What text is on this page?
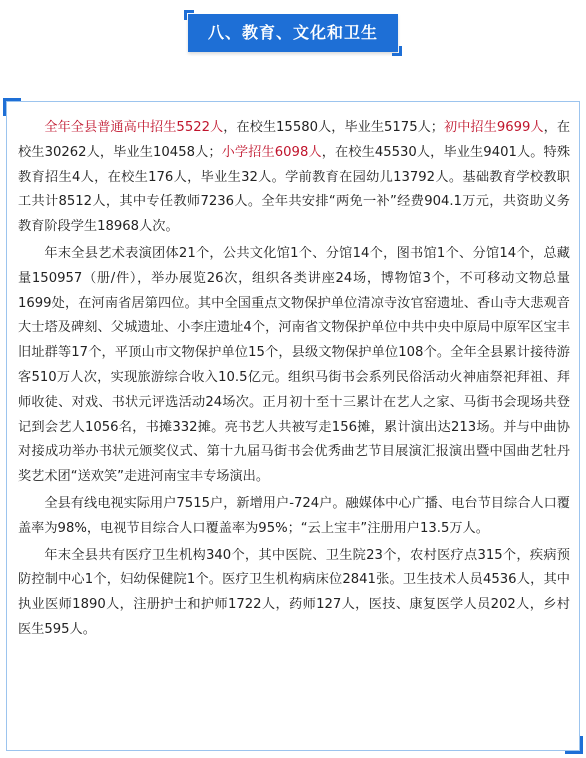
八、教育、文化和卫生

全年全县普通高中招生5522人，在校生15580人，毕业生5175人；初中招生9699人，在校生30262人，毕业生10458人；小学招生6098人，在校生45530人，毕业生9401人。特殊教育招生4人，在校生176人，毕业生32人。学前教育在园幼儿13792人。基础教育学校教职工共计8512人，其中专任教师7236人。全年共安排“两免一补”经费904.1万元，共资助义务教育阶段学生18968人次。

年末全县艺术表演团体21个，公共文化馆1个、分馆14个，图书馆1个、分馆14个，总藏量150957（册/件），举办展览26次，组织各类讲座24场，博物馆3个，不可移动文物总量1699处，在河南省居第四位。其中全国重点文物保护单位清凉寺汝官窑遗址、香山寺大悲观音大士塔及碑刻、父城遗址、小李庄遗址4个，河南省文物保护单位中共中央中原局中原军区宝丰旧址群等17个，平顶山市文物保护单位15个，县级文物保护单位108个。全年全县累计接待游客510万人次，实现旅游综合收入10.5亿元。组织马街书会系列民俗活动火神庙祭祀拜祖、拜师收徒、对戏、书状元评选活动24场次。正月初十至十三累计在艺人之家、马街书会现场共登记到会艺人1056名，书摊332摊。亮书艺人共被写走156摊，累计演出达213场。并与中曲协对接成功举办书状元颁奖仪式、第十九届马街书会优秀曲艺节目展演汇报演出暨中国曲艺牡丹奖艺术团“送欢笑”走进河南宝丰专场演出。

全县有线电视实际用户7515户，新增用户-724户。融媒体中心广播、电台节目综合人口覆盖率为98%，电视节目综合人口覆盖率为95%；“云上宝丰”注册用户13.5万人。

年末全县共有医疗卫生机构340个，其中医院、卫生院23个，农村医疗点315个，疾病预防控制中心1个，妇幼保健院1个。医疗卫生机构病床位2841张。卫生技术人员4536人，其中执业医师1890人，注册护士和护师1722人，药师127人，医技、康复医学人员202人，乡村医生595人。
